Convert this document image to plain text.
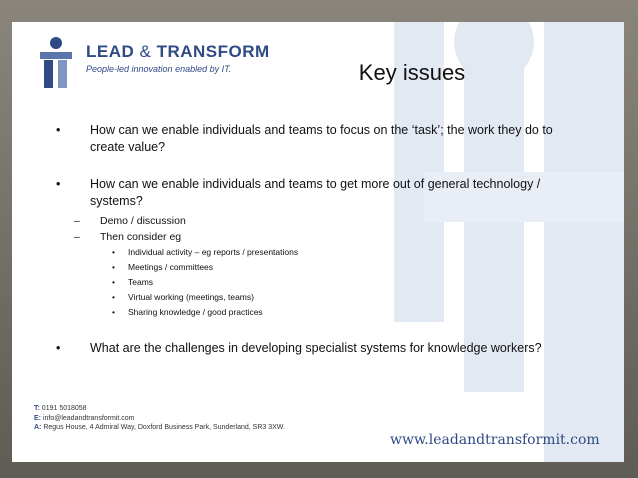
LEAD & TRANSFORM
People-led innovation enabled by IT.	Key issues
• How can we enable individuals and teams to focus on the ‘task’; the work they do to create value?
• How can we enable individuals and teams to get more out of general technology / systems?
– Demo / discussion
– Then consider eg
• Individual activity – eg reports / presentations
• Meetings / committees
• Teams
• Virtual working (meetings, teams)
• Sharing knowledge / good practices
• What are the challenges in developing specialist systems for knowledge workers?
T: 0191 5018058
E: info@leadandtransformit.com
A: Regus House, 4 Admiral Way, Doxford Business Park, Sunderland, SR3 3XW.
www.leadandtransformit.com
